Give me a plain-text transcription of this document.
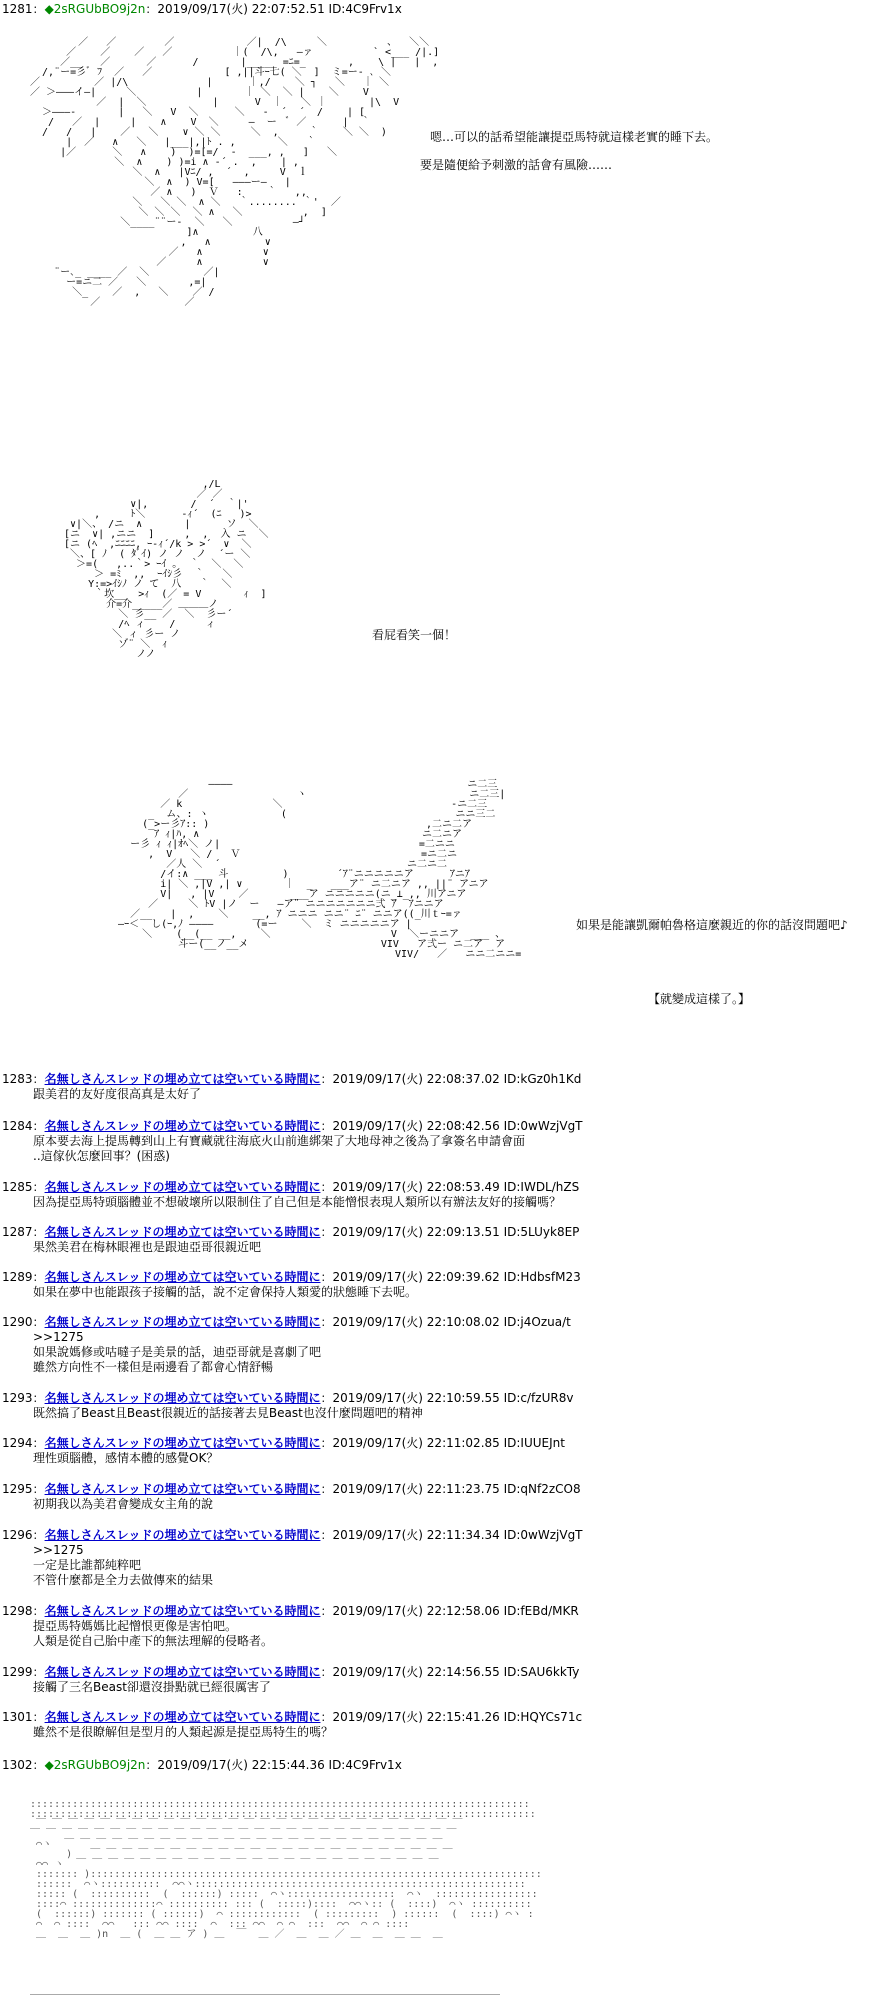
1281：◆2sRGUbBO9j2n：2019/09/17(火) 22:07:52.51 ID:4C9Frv1x
／   ／        ／            ／|  /\     ＼          、  ＼＼
／    ／    ／   ／          ｜(  /\,   ―ァ          ` <___ /|.]
／__   ／      ／      /       |_____ =ﾆ=_       ,    \ |   |  ,
/,¨ー=彡ﾞ ﾌ  ／   ／            [ ,||斗ｰ七( ＼  ]  ミ=ー- ､ ＼
／         ／ |/\             |      ｜,/    ＼ ┐   ＼   ｜ ＼
／ ＞―――イ―|     ＼          |       ｜ ＼  ＼ |    ＼    V
／  |  ＼           |      V  ｜   ＼ ｜       |\  V
＞―――-       |   ＼   V  ＼      ＼   -  ´  ´  /    | [
/   ／  |     |    ∧    V  ＼     ―  ー  ﾞ ／      |  ｀
/   /   |    ／   ＼    ∨ ＼ ＼     ＼  ,     ｀    ＼ ＼  )
|  ／   ∧   ＼   |___|,|ﾄ . ,       ＼   ｀
|／      ＼   ∧    )  )=[=/  -  ___, ,   ]   ＼
＼  ∧    ) )=i ∧ -´ .  ,    | ,
＼  ∧   |Vﾆ/ ,  ´  ,     V  ｌ
＼  ∧  ) V=[   ―――ー―   |
／ ∧   )  Ｖ   :    ｀   ,,
＼   ＼ ＼  ∧ ＼   ｀........ ｀'  ／
＼ ＼ ＼  ＼ ∧   ＼          ,  ]
＼____¨¨ー-  ＼   ＼          ―┘
]∧         八
,   ∧         ∨
／   ∧          ∨
／     ∧          ∨
¨ー､_ ____ ／  ＼         ／|
ー=ニ二 ／   ＼       ,=|
＼_    ／  ,   ＼    ／ /
／              ／
嗯…可以的話希望能讓提亞馬特就這樣老實的睡下去。
要是隨便給予刺激的話會有風險……
,/L
／ ／
∨|,       /  ´  ｀|'
,     ﾄ＼      -ｨ´  (ﾆ   )>
∨|＼、 /ニ  ∧       |      ソ  ＼
[ニ  ∨| ,ニニ  ]     ,  ,  入 ニ  ＼
[ニ (ﾍ  ,ﾆﾆﾆﾆ, ｰ-ｨ´/k > >´  ∨  ＼
＼、[ ﾉ  ( ﾀﾞｲ) ノ ノ  ノ  ´ー ＼
＞=(   ,..｀> ｰｲ ｡  ｀  ＼  ＼
＞ =ﾐ  ,,  ｰｲｼ彡  ｀   ＼
Y:=>ｲｼﾉ ノ て  八   ｀  ＼
｀坎__  >ｨ  (／ = V       ｨ  ]
介=介_____／ ＿＿＿ノ
＼ 彡__ ／  ＼  彡ー´
/ﾍ ィ    /     ィ
＼ ィ 彡ー ノ
ゾ¨ ＼  ｨ
ノノ
看屁看笑一個！
――――                                       ニ二三
／                  ヽ                           ニ二三|
／ k               ＼                            -ニ二三
_  ム、: ヽ            (                            ニニ三二
(_>ー彡ｱ:: )                                    ,二ニ二ア
ｱ ｨ|ﾊ, ∧                                     ニ二ニア
ー彡 ｨ ｨ|ｵﾍ＼ ノ|                                 =二ニニ
,  V   ＼ /   Ｖ                              =ニ二ニ
／人 ＼  ´                               ニ二ニ二
/イ:∧ ___ 斗         )        ´ｱ¨ニニニニニア      ｱニｱ
i| ＼ ,|V ,| ∨       ｜  _   ___ア¨ ニ二ニア ,, ||¨ アニア
V|   , |V    ／       ___ア ニニニニニ(ニ_⊥_,, 川アニア
／     ＼ ﾄV |ノ  ー   ―ア¨ ニニニニニニニ弍 ｱ  ｱニニア
／__   |  ,    ＼    __, ｱ ニニニ ニニ¨ ﾆ¨ ニニア((_川ｔｰ=ァ
―ｰ＜  し(ｰ,ﾉ ――――       (=ー    ＼  ミ ニニニニニア |
＼    (__(__ __,    ＼                    V  ＼ーニニア  ___ 、
斗ー(__ノ__メ                      VIV   ア弍ー ニ二ア  ア
VIV/   ／   ニニ二ニニ=
如果是能讓凱爾帕魯格這麼親近的你的話沒問題吧♪
【就變成這樣了。】
1283：名無しさんスレッドの埋め立ては空いている時間に：2019/09/17(火) 22:08:37.02 ID:kGz0h1Kd
跟美君的友好度很高真是太好了
1284：名無しさんスレッドの埋め立ては空いている時間に：2019/09/17(火) 22:08:42.56 ID:0wWzjVgT
原本要去海上提馬轉到山上有寶藏就往海底火山前進綁架了大地母神之後為了拿簽名申請會面
..這傢伙怎麼回事？(困惑)
1285：名無しさんスレッドの埋め立ては空いている時間に：2019/09/17(火) 22:08:53.49 ID:IWDL/hZS
因為提亞馬特頭腦體並不想破壞所以限制住了自己但是本能憎恨表現人類所以有辦法友好的接觸嗎？
1287：名無しさんスレッドの埋め立ては空いている時間に：2019/09/17(火) 22:09:13.51 ID:5LUyk8EP
果然美君在梅林眼裡也是跟迪亞哥很親近吧
1289：名無しさんスレッドの埋め立ては空いている時間に：2019/09/17(火) 22:09:39.62 ID:HdbsfM23
如果在夢中也能跟孩子接觸的話，說不定會保持人類愛的狀態睡下去呢。
1290：名無しさんスレッドの埋め立ては空いている時間に：2019/09/17(火) 22:10:08.02 ID:j4Ozua/t
>>1275
如果說媽修或咕噠子是美景的話，迪亞哥就是喜劇了吧
雖然方向性不一樣但是兩邊看了都會心情舒暢
1293：名無しさんスレッドの埋め立ては空いている時間に：2019/09/17(火) 22:10:59.55 ID:c/fzUR8v
既然搞了Beast且Beast很親近的話接著去見Beast也沒什麼問題吧的精神
1294：名無しさんスレッドの埋め立ては空いている時間に：2019/09/17(火) 22:11:02.85 ID:IUUEJnt
理性頭腦體，感情本體的感覺OK？
1295：名無しさんスレッドの埋め立ては空いている時間に：2019/09/17(火) 22:11:23.75 ID:qNf2zCO8
初期我以為美君會變成女主角的說
1296：名無しさんスレッドの埋め立ては空いている時間に：2019/09/17(火) 22:11:34.34 ID:0wWzjVgT
>>1275
一定是比誰都純粹吧
不管什麼都是全力去做傳來的結果
1298：名無しさんスレッドの埋め立ては空いている時間に：2019/09/17(火) 22:12:58.06 ID:fEBd/MKR
提亞馬特媽媽比起憎恨更像是害怕吧。
人類是從自己胎中產下的無法理解的侵略者。
1299：名無しさんスレッドの埋め立ては空いている時間に：2019/09/17(火) 22:14:56.55 ID:SAU6kkTy
接觸了三名Beast卻還沒掛點就已經很厲害了
1301：名無しさんスレッドの埋め立ては空いている時間に：2019/09/17(火) 22:15:41.26 ID:HQYCs71c
雖然不是很瞭解但是型月的人類起源是提亞馬特生的嗎？
1302：◆2sRGUbBO9j2n：2019/09/17(火) 22:15:44.36 ID:4C9Frv1x
:::::::::::::::::::::::::::::::::::::::::::::::::::::::::::::::::::::::::::::::::::
::::::::::::::::::::::::::::::::::::::::::::::::::::::::::::::::::::::::::::::::::::
￣ ￣ ￣ ￣ ￣ ￣ ￣ ￣ ￣ ￣ ￣ ￣ ￣ ￣ ￣ ￣ ￣ ￣ ￣ ￣ ￣ ￣ ￣ ￣ ￣ ￣ ￣
￣ ￣ ￣ ￣ ￣ ￣ ￣ ￣ ￣ ￣ ￣ ￣ ￣ ￣ ￣ ￣ ￣ ￣ ￣ ￣ ￣ ￣ ￣ ￣ ￣ ￣ ￣
⌒ヽ  ￣ ￣ ￣ ￣ ￣ ￣ ￣ ￣ ￣ ￣ ￣ ￣ ￣ ￣ ￣ ￣ ￣ ￣ ￣ ￣ ￣ ￣ ￣ ￣
)   ￣ ￣ ￣ ￣ ￣ ￣ ￣ ￣ ￣ ￣ ￣ ￣ ￣ ￣ ￣ ￣ ￣ ￣ ￣ ￣ ￣ ￣ ￣
⌒⌒ ヽ  ￣ ￣ ￣ ￣ ￣ ￣ ￣ ￣ ￣ ￣ ￣ ￣ ￣ ￣ ￣ ￣ ￣ ￣ ￣ ￣ ￣ ￣ ￣
::::::: ):::::::::::::::::::::::::::::::::::::::::::::::::::::::::::::::::::::::::::
::::::  ⌒ヽ::::::::::  ⌒⌒ヽ:::::::::::::::::::::::::::::::::::::::::::::::::::::::
::::: (  ::::::::::  (  ::::::) :::::  ⌒ヽ::::::::::::::::::  ⌒ヽ  :::::::::::::::::
::::⌒ ::::::::::::::⌒ :::::::::: ::: (  :::::)::::  ⌒⌒ヽ:: (  ::::)  ⌒ヽ ::::::::::
(  ::::::) ::::::: ( ::::::)  ⌒ ::::::::::::  ( :::::::::  ) ::::::  (  ::::) ⌒ヽ :
⌒  ⌒ ::::  ⌒⌒   ::: ⌒⌒ ::::  ⌒  ::: ⌒⌒  ⌒ ⌒  :::  ⌒⌒  ⌒ ⌒ ::::
＿  ＿  ＿ )n  ＿ (  ＿ ＿ ア ) ＿  ￣  ＿ ／  ＿  ＿ ／ ＿  ＿  ＿ ＿  ＿
